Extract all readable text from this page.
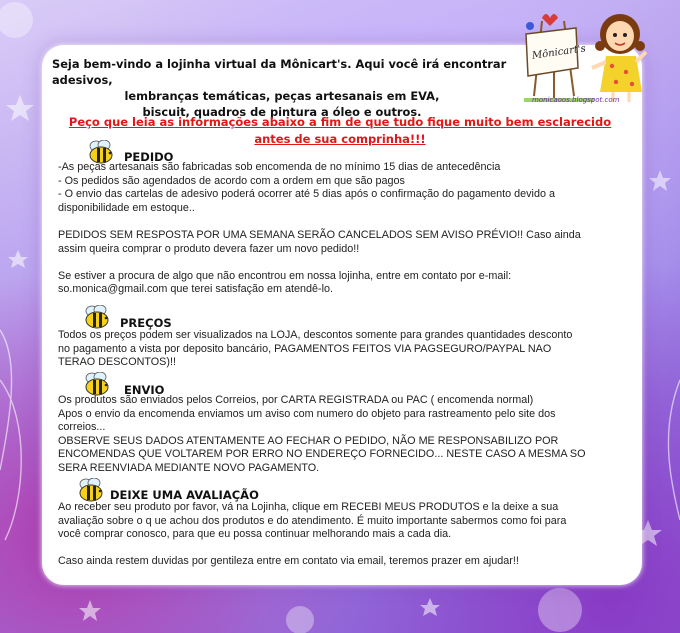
Seja bem-vindo a lojinha virtual da Mônicart's. Aqui você irá encontrar adesivos,
lembranças temáticas, peças artesanais em EVA,
biscuit, quadros de pintura a óleo e outros.
Mônicart's
monicaoos.blogspot.com
Peço que leia as informações abaixo a fim de que tudo fique muito bem esclarecido
antes de sua comprinha!!!
PEDIDO
-As peças artesanais são fabricadas sob encomenda de no mínimo 15 dias de antecedência
- Os pedidos são agendados de acordo com a ordem em que são pagos
- O envio das cartelas de adesivo poderá ocorrer até 5 dias após o confirmação do pagamento devido a
disponibilidade em estoque..
PEDIDOS SEM RESPOSTA POR UMA SEMANA SERÃO CANCELADOS SEM AVISO PRÉVIO!! Caso ainda
assim queira comprar o produto devera fazer um novo pedido!!
Se estiver a procura de algo que não encontrou em nossa lojinha, entre em contato por e-mail:
so.monica@gmail.com que terei satisfação em atendê-lo.
PREÇOS
Todos os preços podem ser visualizados na LOJA, descontos somente para grandes quantidades desconto
no pagamento a vista por deposito bancário, PAGAMENTOS FEITOS VIA PAGSEGURO/PAYPAL NAO
TERAO DESCONTOS)!!
ENVIO
Os produtos são enviados pelos Correios, por CARTA REGISTRADA ou PAC ( encomenda normal)
Apos o envio da encomenda enviamos um aviso com numero do objeto para rastreamento pelo site dos
correios...
OBSERVE SEUS DADOS ATENTAMENTE AO FECHAR O PEDIDO, NÃO ME RESPONSABILIZO POR
ENCOMENDAS QUE VOLTAREM POR ERRO NO ENDEREÇO FORNECIDO... NESTE CASO A MESMA SO
SERA REENVIADA MEDIANTE NOVO PAGAMENTO.
DEIXE UMA AVALIAÇÃO
Ao receber seu produto por favor, vá na Lojinha, clique em RECEBI MEUS PRODUTOS e la deixe a sua
avaliação sobre o q ue achou dos produtos e do atendimento. É muito importante sabermos como foi para
você comprar conosco, para que eu possa continuar melhorando mais a cada dia.
Caso ainda restem duvidas por gentileza entre em contato via email, teremos prazer em ajudar!!
